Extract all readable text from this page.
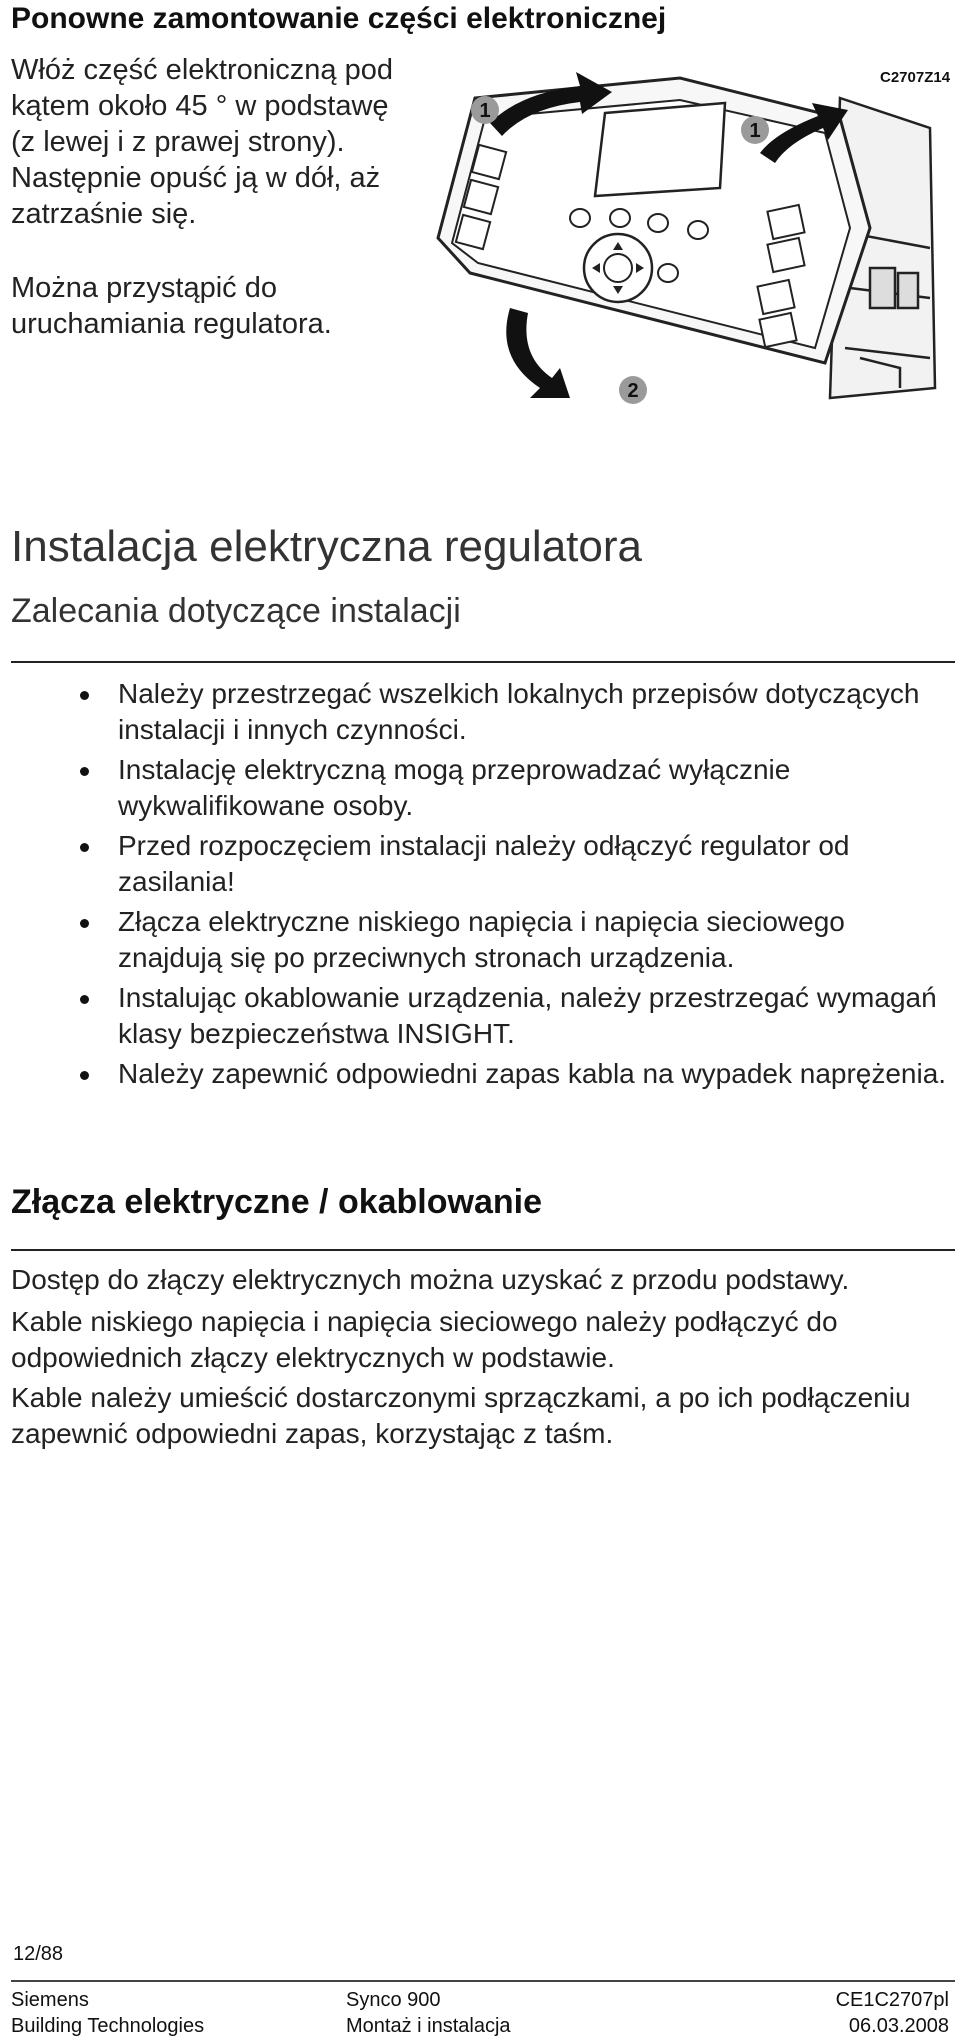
Ponowne zamontowanie części elektronicznej

Włóż część elektroniczną pod kątem około 45 ° w podstawę (z lewej i z prawej strony). Następnie opuść ją w dół, aż zatrzaśnie się.

Można przystąpić do uruchamiania regulatora.

C2707Z14
1
1
2
Instalacja elektryczna regulatora
Zalecania dotyczące instalacji
Należy przestrzegać wszelkich lokalnych przepisów dotyczących instalacji i innych czynności.
Instalację elektryczną mogą przeprowadzać wyłącznie wykwalifikowane osoby.
Przed rozpoczęciem instalacji należy odłączyć regulator od zasilania!
Złącza elektryczne niskiego napięcia i napięcia sieciowego znajdują się po przeciwnych stronach urządzenia.
Instalując okablowanie urządzenia, należy przestrzegać wymagań klasy bezpieczeństwa INSIGHT.
Należy zapewnić odpowiedni zapas kabla na wypadek naprężenia.
Złącza elektryczne / okablowanie

Dostęp do złączy elektrycznych można uzyskać z przodu podstawy.

Kable niskiego napięcia i napięcia sieciowego należy podłączyć do odpowiednich złączy elektrycznych w podstawie.

Kable należy umieścić dostarczonymi sprzączkami, a po ich podłączeniu zapewnić odpowiedni zapas, korzystając z taśm.

12/88
Siemens
Building Technologies
Synco 900
Montaż i instalacja
CE1C2707pl
06.03.2008
